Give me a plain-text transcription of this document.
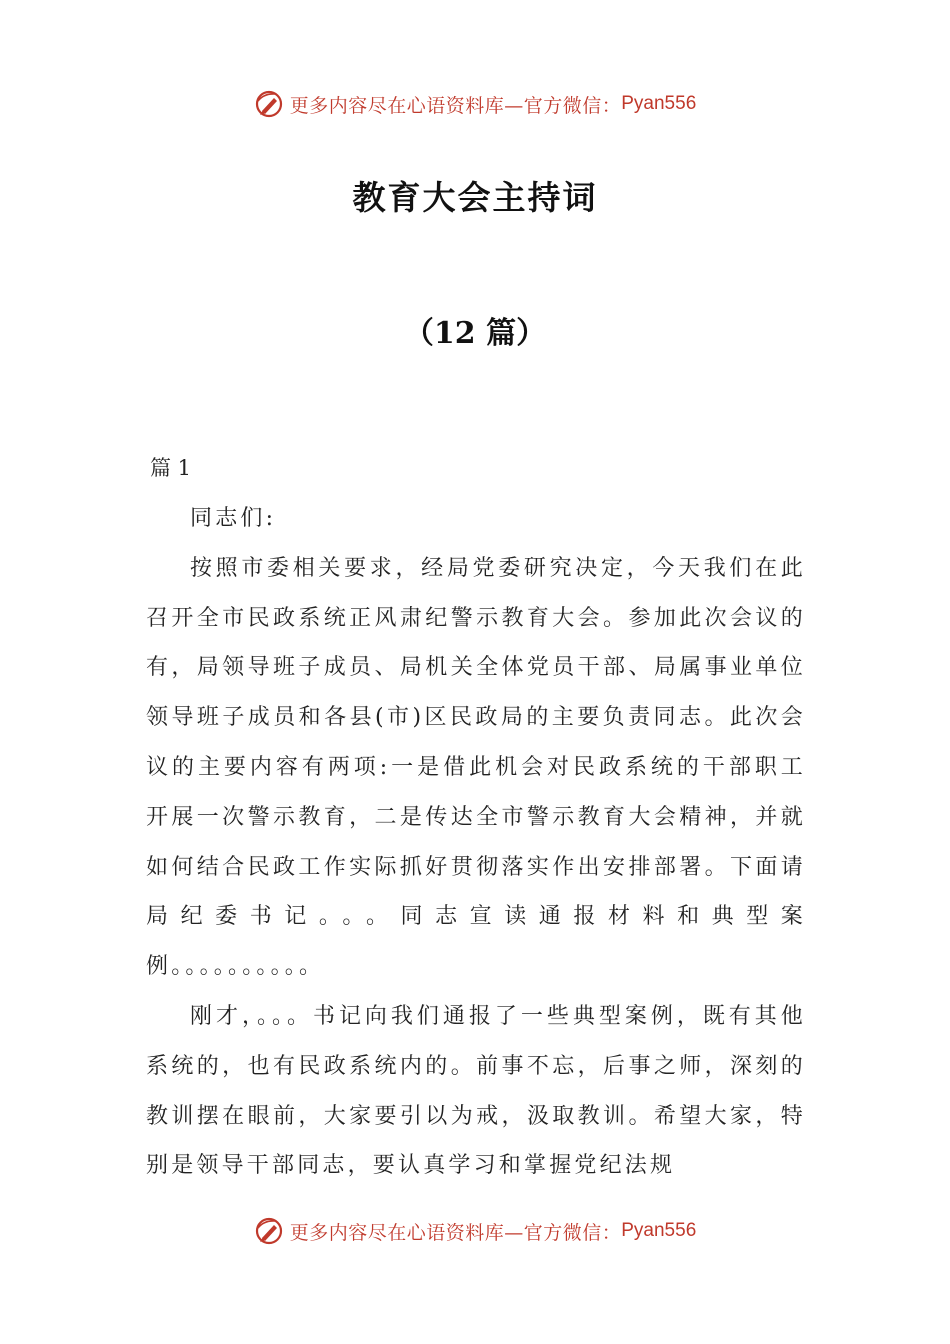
更多内容尽在心语资料库—官方微信： Pyan556
教育大会主持词
（12 篇）
篇 1

同志们:

按照市委相关要求，经局党委研究决定，今天我们在此召开全市民政系统正风肃纪警示教育大会。参加此次会议的有，局领导班子成员、局机关全体党员干部、局属事业单位领导班子成员和各县(市)区民政局的主要负责同志。此次会议的主要内容有两项:一是借此机会对民政系统的干部职工开展一次警示教育，二是传达全市警示教育大会精神，并就如何结合民政工作实际抓好贯彻落实作出安排部署。下面请局纪委书记。。。同志宣读通报材料和典型案例。。。。。。。。。。

刚才，。。。书记向我们通报了一些典型案例，既有其他系统的，也有民政系统内的。前事不忘，后事之师，深刻的教训摆在眼前，大家要引以为戒，汲取教训。希望大家，特别是领导干部同志，要认真学习和掌握党纪法规

更多内容尽在心语资料库—官方微信： Pyan556
